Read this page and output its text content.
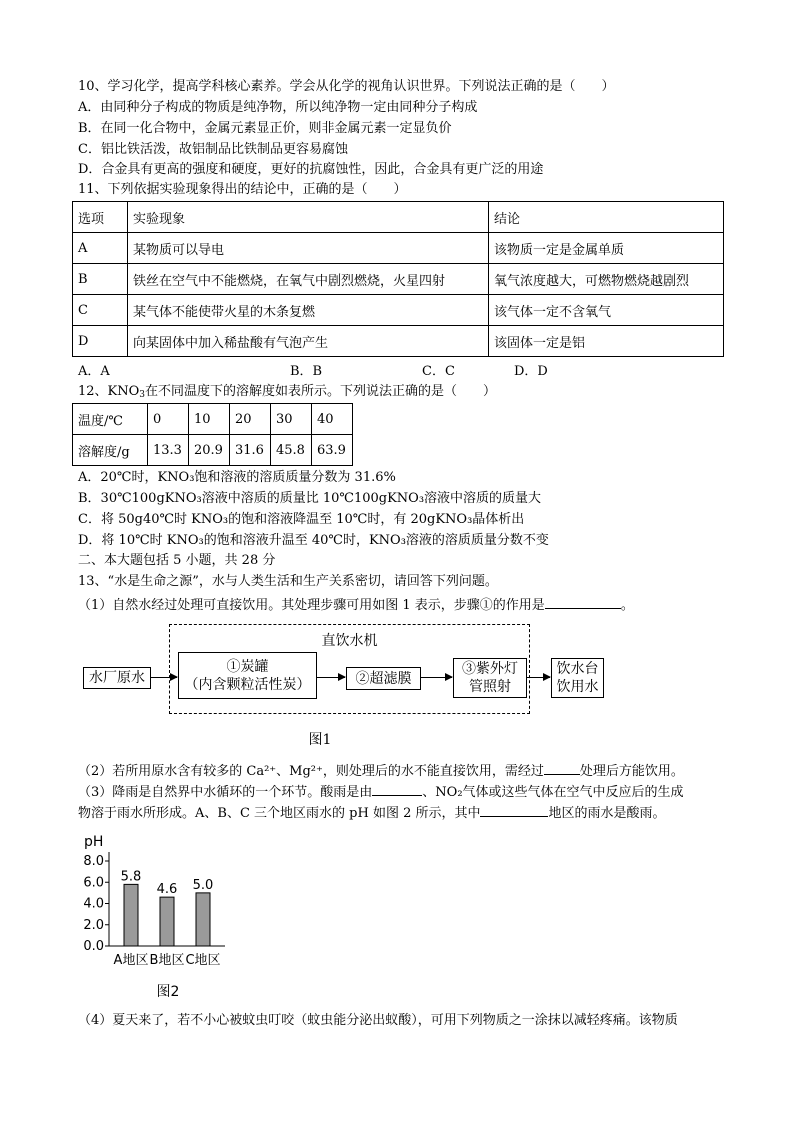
10、学习化学，提高学科核心素养。学会从化学的视角认识世界。下列说法正确的是（　　）
A．由同种分子构成的物质是纯净物，所以纯净物一定由同种分子构成
B．在同一化合物中，金属元素显正价，则非金属元素一定显负价
C．铝比铁活泼，故铝制品比铁制品更容易腐蚀
D．合金具有更高的强度和硬度，更好的抗腐蚀性，因此，合金具有更广泛的用途
11、下列依据实验现象得出的结论中，正确的是（　　）
选项	实验现象	结论
A	某物质可以导电	该物质一定是金属单质
B	铁丝在空气中不能燃烧，在氧气中剧烈燃烧，火星四射	氧气浓度越大，可燃物燃烧越剧烈
C	某气体不能使带火星的木条复燃	该气体一定不含氧气
D	向某固体中加入稀盐酸有气泡产生	该固体一定是铝
A．A	B．B	C．C	D．D
12、$KNO_3$在不同温度下的溶解度如表所示。下列说法正确的是（　　）
温度/℃	0	10	20	30	40
溶解度/g	13.3	20.9	31.6	45.8	63.9
A．20℃时，KNO₃饱和溶液的溶质质量分数为 31.6%
B．30℃100gKNO₃溶液中溶质的质量比 10℃100gKNO₃溶液中溶质的质量大
C．将 50g40℃时 KNO₃的饱和溶液降温至 10℃时，有 20gKNO₃晶体析出
D．将 10℃时 KNO₃的饱和溶液升温至 40℃时，KNO₃溶液的溶质质量分数不变
二、本大题包括 5 小题，共 28 分
13、“水是生命之源”，水与人类生活和生产关系密切，请回答下列问题。
（1）自然水经过处理可直接饮用。其处理步骤可用如图 1 表示，步骤①的作用是	。
直饮水机
水厂原水
①炭罐
（内含颗粒活性炭）	②超滤膜
③紫外灯
管照射
饮水台
饮用水
图1
（2）若所用原水含有较多的 Ca²⁺、Mg²⁺，则处理后的水不能直接饮用，需经过	处理后方能饮用。
（3）降雨是自然界中水循环的一个环节。酸雨是由	、NO₂气体或这些气体在空气中反应后的生成
物溶于雨水所形成。A、B、C 三个地区雨水的 pH 如图 2 所示，其中	地区的雨水是酸雨。
pH
0.0
2.0
4.0
6.0
8.0
5.8
A地区
4.6
B地区
5.0
C地区
图2
（4）夏天来了，若不小心被蚊虫叮咬（蚊虫能分泌出蚁酸），可用下列物质之一涂抹以减轻疼痛。该物质
